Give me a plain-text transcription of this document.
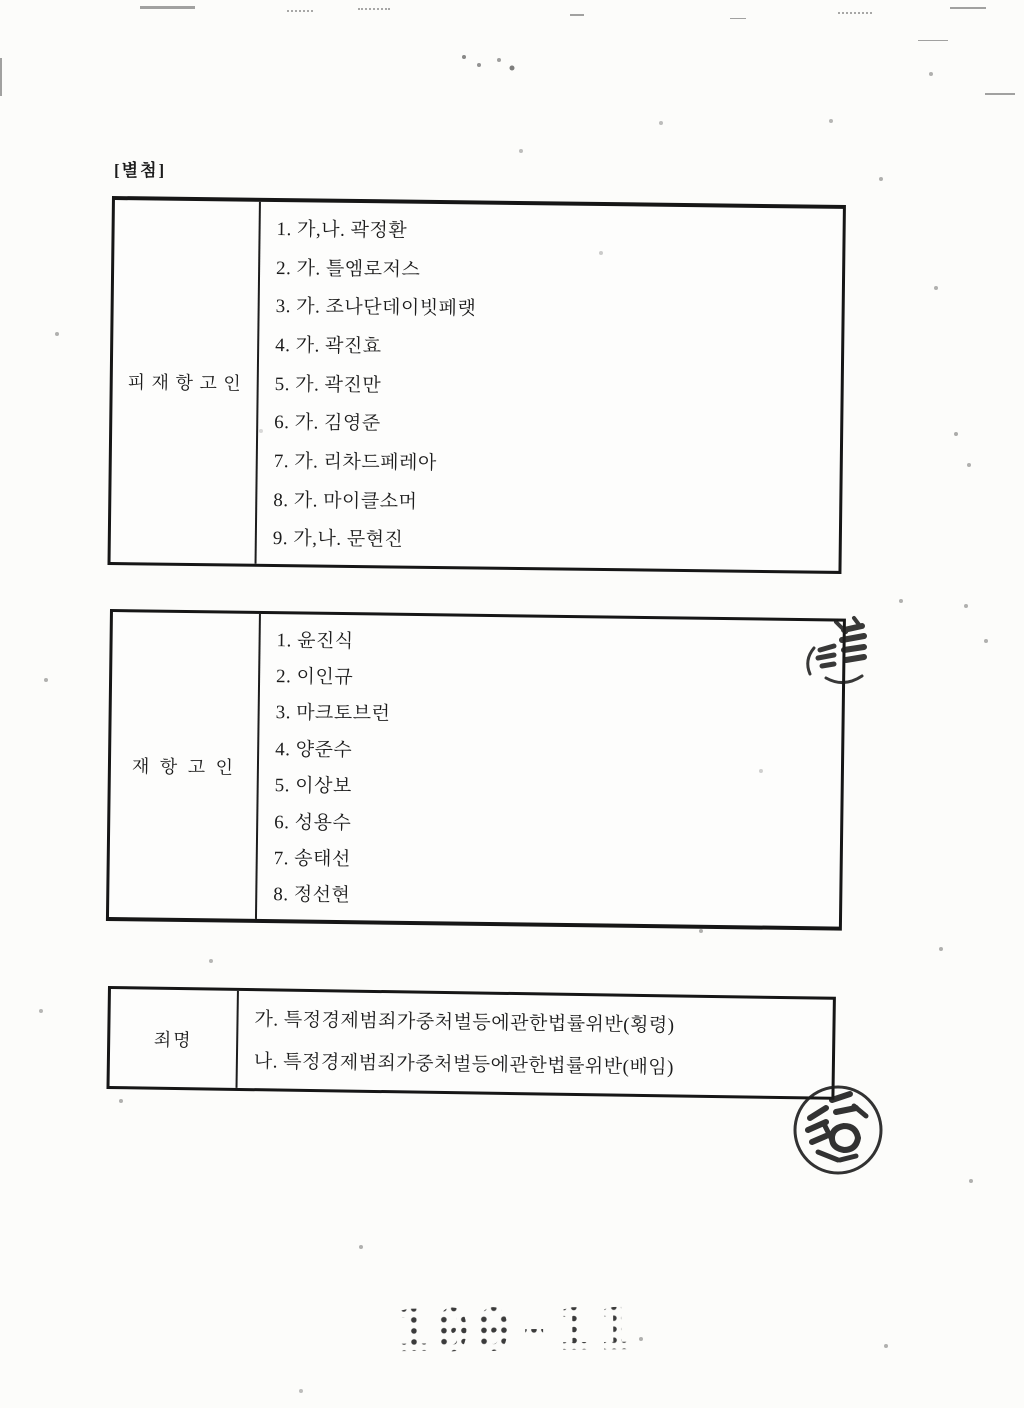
[별첨]
피 재 항 고 인
1. 가,나. 곽정환
2. 가. 틀엠로저스
3. 가. 조나단데이빗페랫
4. 가. 곽진효
5. 가. 곽진만
6. 가. 김영준
7. 가. 리차드페레아
8. 가. 마이클소머
9. 가,나. 문현진
재 항 고 인
1. 윤진식
2. 이인규
3. 마크토브런
4. 양준수
5. 이상보
6. 성용수
7. 송태선
8. 정선현
죄명
가. 특정경제범죄가중처벌등에관한법률위반(횡령)
나. 특정경제범죄가중처벌등에관한법률위반(배임)
100-11
